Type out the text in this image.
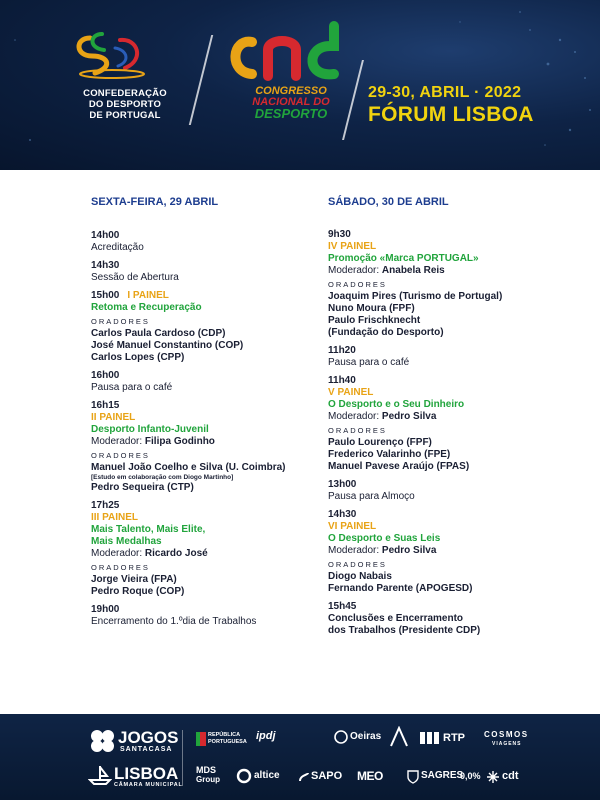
CONFEDERAÇÃO
DO DESPORTO
DE PORTUGAL
CONGRESSO
NACIONAL DO
DESPORTO
29-30, ABRIL · 2022
FÓRUM LISBOA
SEXTA-FEIRA, 29 ABRIL
14h00
Acreditação
14h30
Sessão de Abertura
15h00 I PAINEL
Retoma e Recuperação
ORADORES
Carlos Paula Cardoso (CDP)
José Manuel Constantino (COP)
Carlos Lopes (CPP)
16h00
Pausa para o café
16h15
II PAINEL
Desporto Infanto-Juvenil
Moderador: Filipa Godinho
ORADORES
Manuel João Coelho e Silva (U. Coimbra)
[Estudo em colaboração com Diogo Martinho]
Pedro Sequeira (CTP)
17h25
III PAINEL
Mais Talento, Mais Elite,
Mais Medalhas
Moderador: Ricardo José
ORADORES
Jorge Vieira (FPA)
Pedro Roque (COP)
19h00
Encerramento do 1.ºdia de Trabalhos
SÁBADO, 30 DE ABRIL
9h30
IV PAINEL
Promoção «Marca PORTUGAL»
Moderador: Anabela Reis
ORADORES
Joaquim Pires (Turismo de Portugal)
Nuno Moura (FPF)
Paulo Frischknecht
(Fundação do Desporto)
11h20
Pausa para o café
11h40
V PAINEL
O Desporto e o Seu Dinheiro
Moderador: Pedro Silva
ORADORES
Paulo Lourenço (FPF)
Frederico Valarinho (FPE)
Manuel Pavese Araújo (FPAS)
13h00
Pausa para Almoço
14h30
VI PAINEL
O Desporto e Suas Leis
Moderador: Pedro Silva
ORADORES
Diogo Nabais
Fernando Parente (APOGESD)
15h45
Conclusões e Encerramento
dos Trabalhos (Presidente CDP)
JOGOS
SANTACASA
LISBOA
CÂMARA MUNICIPAL
REPÚBLICA PORTUGUESA ipdj	Oeiras	RTP COSMOS
VIAGENS
MDS
Group	altice	SAPO MEO	SAGRES
0,0% cdt
